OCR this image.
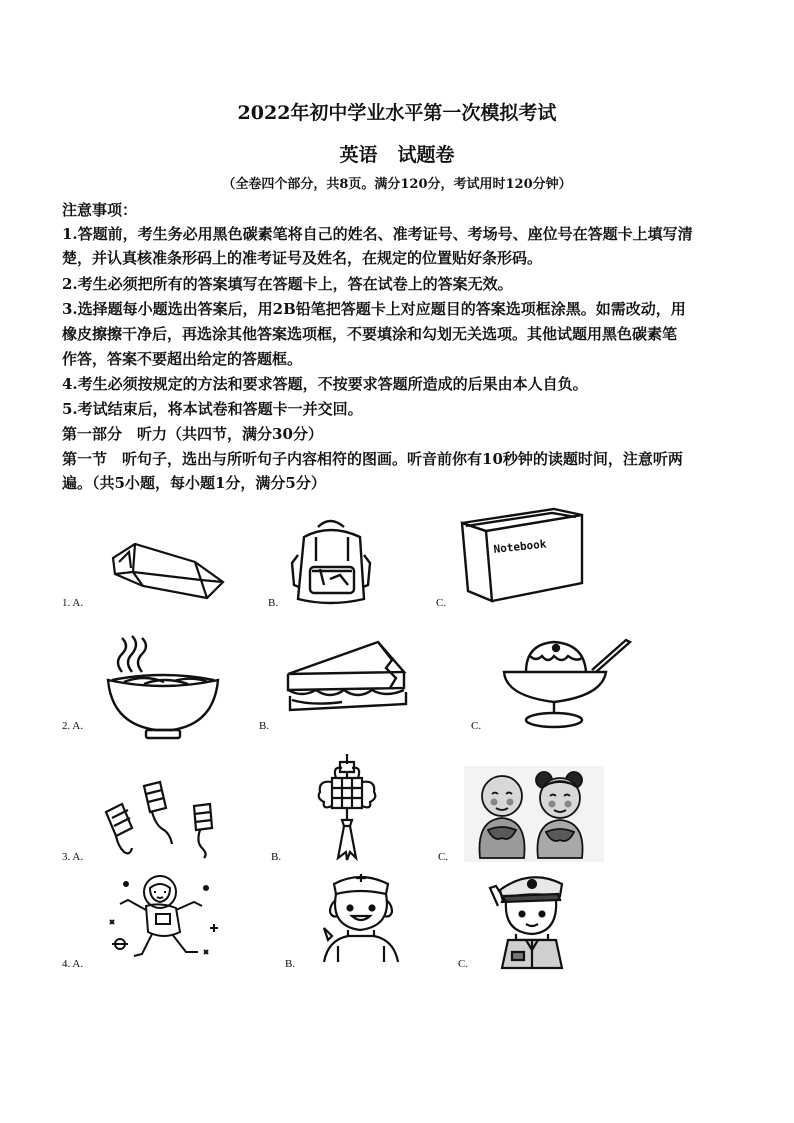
2022年初中学业水平第一次模拟考试
英语 试题卷
（全卷四个部分，共8页。满分120分，考试用时120分钟）
注意事项：
1.答题前，考生务必用黑色碳素笔将自己的姓名、准考证号、考场号、座位号在答题卡上填写清
楚，并认真核准条形码上的准考证号及姓名，在规定的位置贴好条形码。
2.考生必须把所有的答案填写在答题卡上，答在试卷上的答案无效。
3.选择题每小题选出答案后，用2B铅笔把答题卡上对应题目的答案选项框涂黑。如需改动，用
橡皮擦擦干净后，再选涂其他答案选项框，不要填涂和勾划无关选项。其他试题用黑色碳素笔
作答，答案不要超出给定的答题框。
4.考生必须按规定的方法和要求答题，不按要求答题所造成的后果由本人自负。
5.考试结束后，将本试卷和答题卡一并交回。
第一部分　听力（共四节，满分30分）
第一节　听句子，选出与所听句子内容相符的图画。听音前你有10秒钟的读题时间，注意听两
遍。（共5小题，每小题1分，满分5分）
1. A.	B.	C.
Notebook
2. A.	B.	C.
3. A.	B.	C.
4. A.	B.	C.
